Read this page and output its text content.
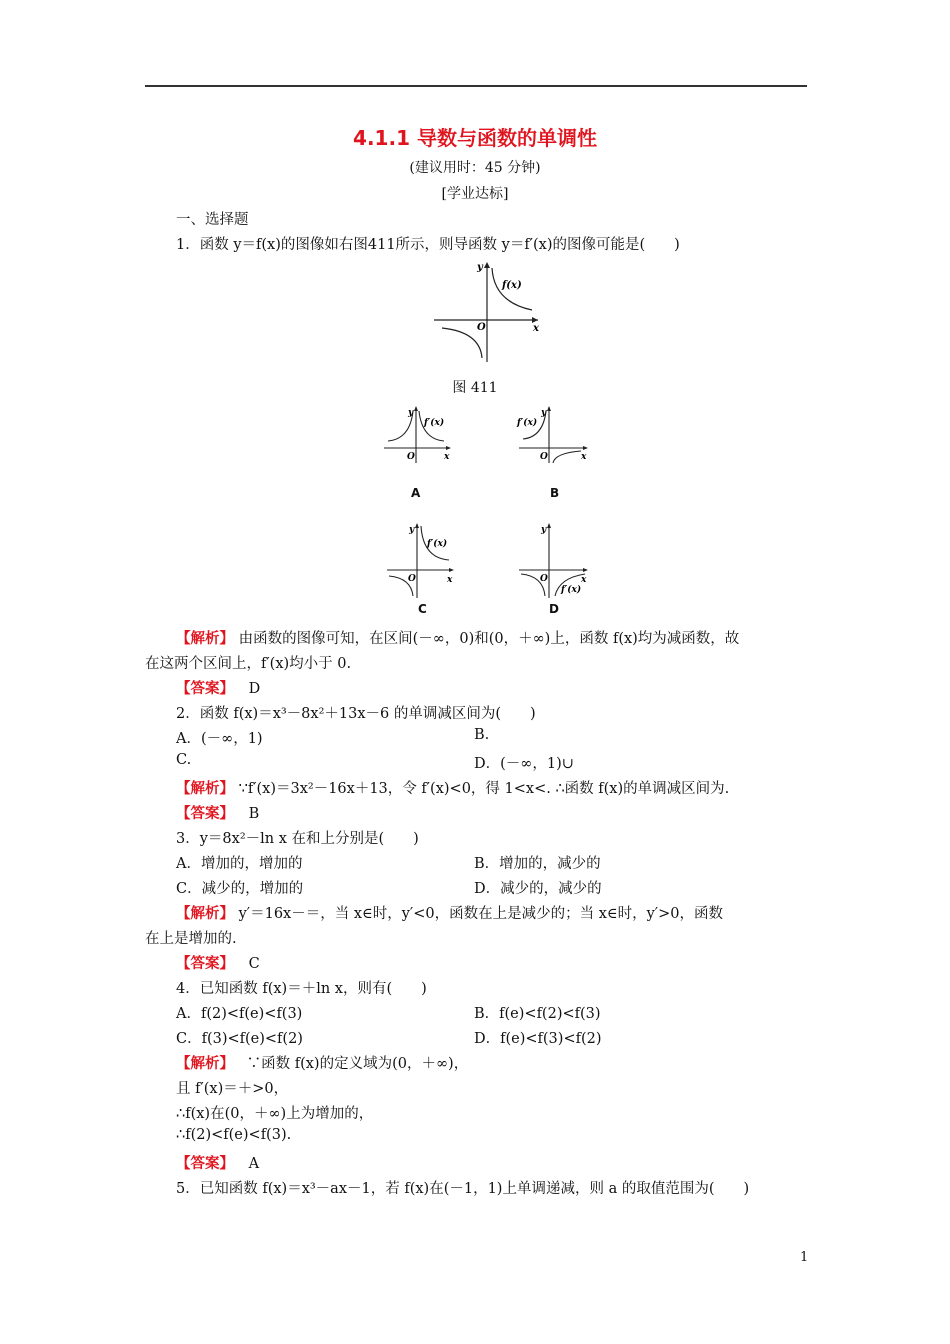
4.1.1 导数与函数的单调性
(建议用时：45 分钟)
[学业达标]
一、选择题
1．函数 y＝f(x)的图像如右图411所示，则导函数 y＝f′(x)的图像可能是(　　)
y
x
O
f(x)
图 411
y
x
O
f′(x)
A
y
x
O
f′(x)
B
y
x
O
f′(x)
C
y
x
O
f′(x)
D
【解析】 由函数的图像可知，在区间(－∞，0)和(0，＋∞)上，函数 f(x)均为减函数，故
在这两个区间上，f′(x)均小于 0.
【答案】 D
2．函数 f(x)＝x³－8x²＋13x－6 的单调减区间为(　　)
A．(－∞，1)	B.
C.	D．(－∞，1)∪
【解析】 ∵f′(x)＝3x²－16x＋13，令 f′(x)<0，得 1<x<. ∴函数 f(x)的单调减区间为.
【答案】 B
3．y＝8x²－ln x 在和上分别是(　　)
A．增加的，增加的	B．增加的，减少的
C．减少的，增加的	D．减少的，减少的
【解析】 y′＝16x－＝，当 x∈时，y′<0，函数在上是减少的；当 x∈时，y′>0，函数
在上是增加的.
【答案】 C
4．已知函数 f(x)＝＋ln x，则有(　　)
A．f(2)<f(e)<f(3)	B．f(e)<f(2)<f(3)
C．f(3)<f(e)<f(2)	D．f(e)<f(3)<f(2)
【解析】 ∵函数 f(x)的定义域为(0，＋∞)，
且 f′(x)＝＋>0，
∴f(x)在(0，＋∞)上为增加的，
∴f(2)<f(e)<f(3).
【答案】 A
5．已知函数 f(x)＝x³－ax－1，若 f(x)在(－1，1)上单调递减，则 a 的取值范围为(　　)
1
